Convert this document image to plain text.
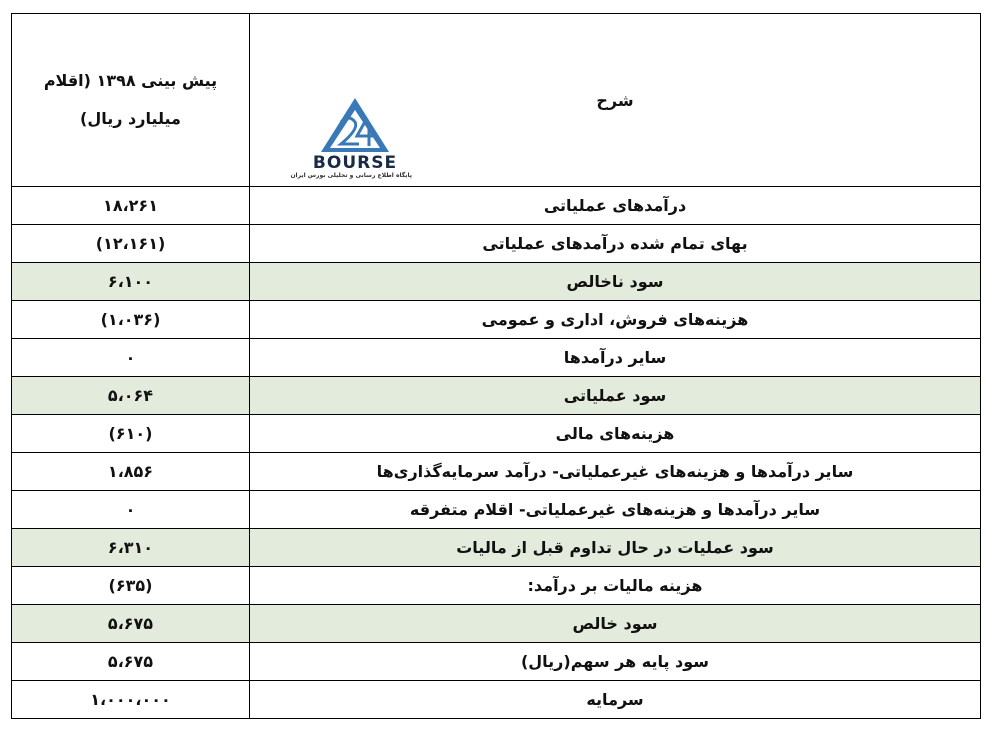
پیش بینی ۱۳۹۸ (اقلام میلیارد ریال)	شرح
BOURSE
پایگاه اطلاع رسانی و تحلیلی بورس ایران

۱۸،۲۶۱	درآمدهای عملیاتی
(۱۲،۱۶۱)	بهای تمام شده درآمدهای عملیاتی
۶،۱۰۰	سود ناخالص
(۱،۰۳۶)	هزینه‌های فروش، اداری و عمومی
۰	سایر درآمدها
۵،۰۶۴	سود عملیاتی
(۶۱۰)	هزینه‌های مالی
۱،۸۵۶	سایر درآمدها و هزینه‌های غیرعملیاتی- درآمد سرمایه‌گذاری‌ها
۰	سایر درآمدها و هزینه‌های غیرعملیاتی- اقلام متفرقه
۶،۳۱۰	سود عملیات در حال تداوم قبل از مالیات
(۶۳۵)	هزینه مالیات بر درآمد:
۵،۶۷۵	سود خالص
۵،۶۷۵	سود پایه هر سهم(ریال)
۱،۰۰۰،۰۰۰	سرمایه
